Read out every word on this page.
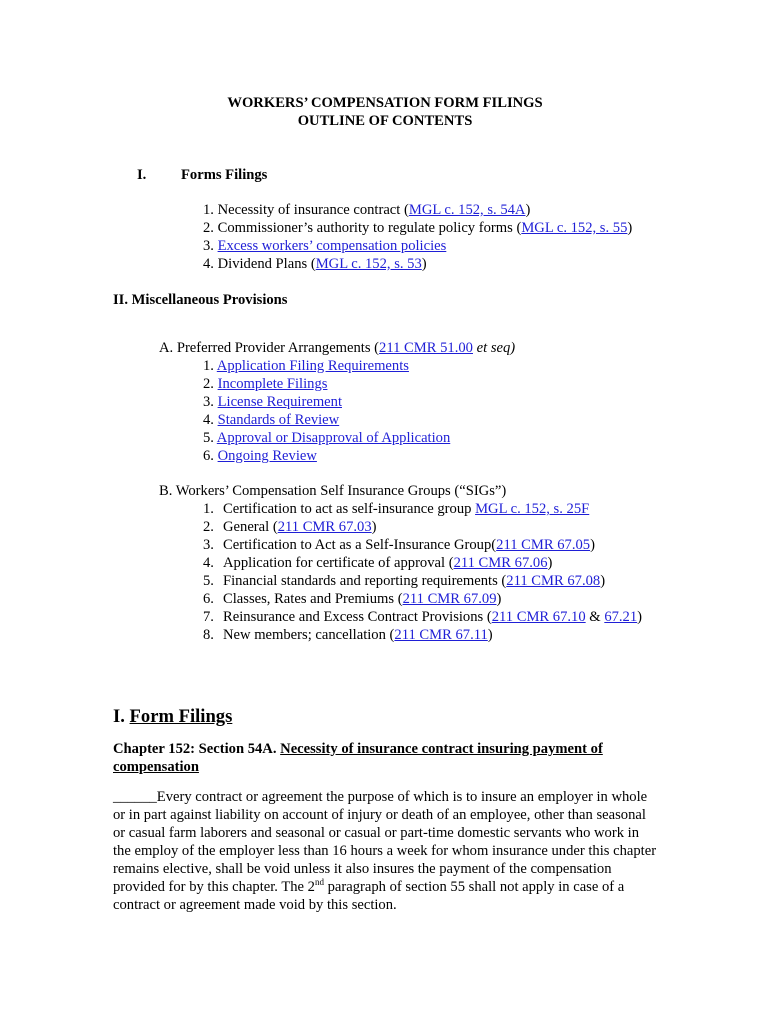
WORKERS’ COMPENSATION FORM FILINGS
OUTLINE OF CONTENTS
I. Forms Filings
1. Necessity of insurance contract (MGL c. 152, s. 54A)
2. Commissioner’s authority to regulate policy forms (MGL c. 152, s. 55)
3. Excess workers’ compensation policies
4. Dividend Plans (MGL c. 152, s. 53)
II. Miscellaneous Provisions
A. Preferred Provider Arrangements (211 CMR 51.00 et seq)
1. Application Filing Requirements
2. Incomplete Filings
3. License Requirement
4. Standards of Review
5. Approval or Disapproval of Application
6. Ongoing Review
B. Workers’ Compensation Self Insurance Groups (“SIGs”)
1. Certification to act as self-insurance group MGL c. 152, s. 25F
2. General (211 CMR 67.03)
3. Certification to Act as a Self-Insurance Group(211 CMR 67.05)
4. Application for certificate of approval (211 CMR 67.06)
5. Financial standards and reporting requirements (211 CMR 67.08)
6. Classes, Rates and Premiums (211 CMR 67.09)
7. Reinsurance and Excess Contract Provisions (211 CMR 67.10 & 67.21)
8. New members; cancellation (211 CMR 67.11)
I. Form Filings
Chapter 152: Section 54A. Necessity of insurance contract insuring payment of
compensation
______Every contract or agreement the purpose of which is to insure an employer in whole or in part against liability on account of injury or death of an employee, other than seasonal or casual farm laborers and seasonal or casual or part-time domestic servants who work in the employ of the employer less than 16 hours a week for whom insurance under this chapter remains elective, shall be void unless it also insures the payment of the compensation provided for by this chapter. The 2nd paragraph of section 55 shall not apply in case of a contract or agreement made void by this section.
